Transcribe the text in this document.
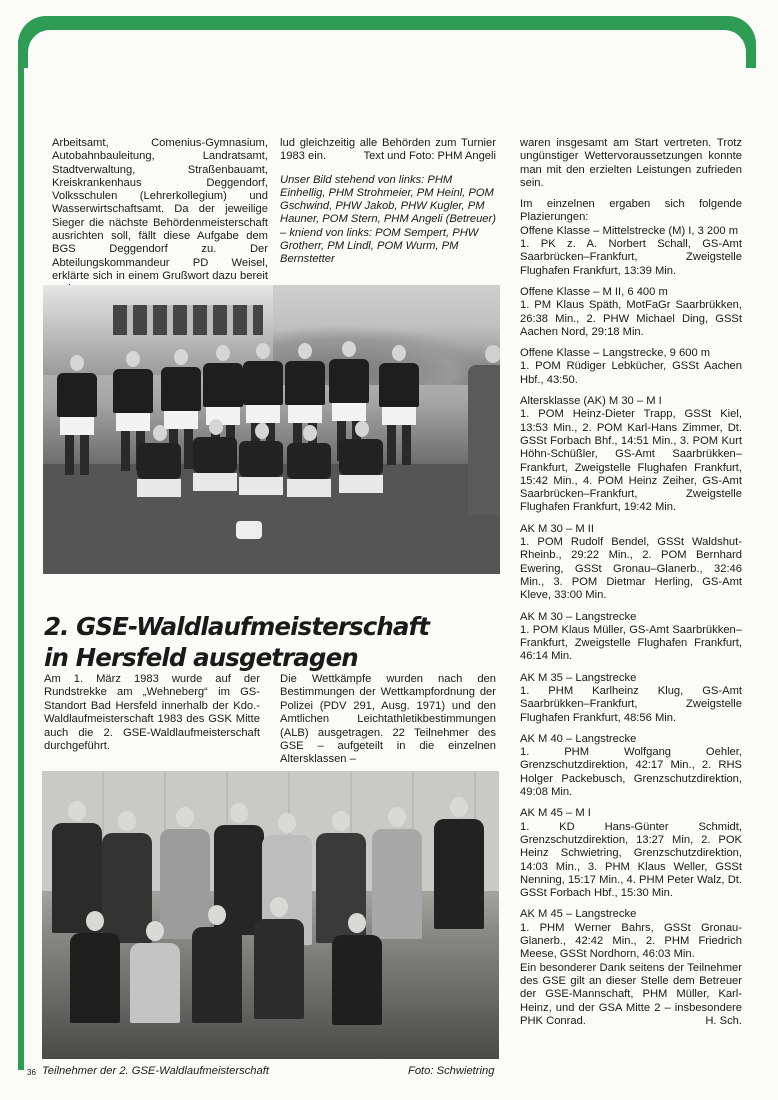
Arbeitsamt, Comenius-Gymnasium, Autobahnbauleitung, Landratsamt, Stadtverwaltung, Straßenbauamt, Kreiskrankenhaus Deggendorf, Volksschulen (Lehrerkollegium) und Wasserwirtschaftsamt. Da der jeweilige Sieger die nächste Behördenmeisterschaft ausrichten soll, fällt diese Aufgabe dem BGS Deggendorf zu. Der Abteilungskommandeur PD Weisel, erklärte sich in einem Grußwort dazu bereit

lud gleichzeitig alle Behörden zum Turnier 1983 ein.	Text und Foto: PHM Angeli

Unser Bild stehend von links: PHM Einhellig, PHM Strohmeier, PM Heinl, POM Gschwind, PHW Jakob, PHW Kugler, PM Hauner, POM Stern, PHM Angeli (Betreuer) – kniend von links: POM Sempert, PHW Grotherr, PM Lindl, POM Wurm, PM Bernstetter

2. GSE-Waldlaufmeisterschaft
in Hersfeld ausgetragen

Am 1. März 1983 wurde auf der Rundstrekke am „Wehneberg“ im GS-Standort Bad Hersfeld innerhalb der Kdo.-Waldlaufmeisterschaft 1983 des GSK Mitte auch die 2. GSE-Waldlaufmeisterschaft durchgeführt.

Die Wettkämpfe wurden nach den Bestimmungen der Wettkampfordnung der Polizei (PDV 291, Ausg. 1971) und den Amtlichen Leichtathletikbestimmungen (ALB) ausgetragen. 22 Teilnehmer des GSE – aufgeteilt in die einzelnen Altersklassen –

waren insgesamt am Start vertreten. Trotz ungünstiger Wettervoraussetzungen konnte man mit den erzielten Leistungen zufrieden sein.

Im einzelnen ergaben sich folgende Plazierungen:

Offene Klasse – Mittelstrecke (M) I, 3 200 m
1. PK z. A. Norbert Schall, GS-Amt Saarbrücken–Frankfurt, Zweigstelle Flughafen Frankfurt, 13:39 Min.
Offene Klasse – M II, 6 400 m
1. PM Klaus Späth, MotFaGr Saarbrükken, 26:38 Min., 2. PHW Michael Ding, GSSt Aachen Nord, 29:18 Min.
Offene Klasse – Langstrecke, 9 600 m
1. POM Rüdiger Lebkücher, GSSt Aachen Hbf., 43:50.
Altersklasse (AK) M 30 – M I
1. POM Heinz-Dieter Trapp, GSSt Kiel, 13:53 Min., 2. POM Karl-Hans Zimmer, Dt. GSSt Forbach Bhf., 14:51 Min., 3. POM Kurt Höhn-Schüßler, GS-Amt Saarbrükken–Frankfurt, Zweigstelle Flughafen Frankfurt, 15:42 Min., 4. POM Heinz Zeiher, GS-Amt Saarbrücken–Frankfurt, Zweigstelle Flughafen Frankfurt, 19:42 Min.
AK M 30 – M II
1. POM Rudolf Bendel, GSSt Waldshut-Rheinb., 29:22 Min., 2. POM Bernhard Ewering, GSSt Gronau–Glanerb., 32:46 Min., 3. POM Dietmar Herling, GS-Amt Kleve, 33:00 Min.
AK M 30 – Langstrecke
1. POM Klaus Müller, GS-Amt Saarbrükken–Frankfurt, Zweigstelle Flughafen Frankfurt, 46:14 Min.
AK M 35 – Langstrecke
1. PHM Karlheinz Klug, GS-Amt Saarbrükken–Frankfurt, Zweigstelle Flughafen Frankfurt, 48:56 Min.
AK M 40 – Langstrecke
1. PHM Wolfgang Oehler, Grenzschutzdirektion, 42:17 Min., 2. RHS Holger Packebusch, Grenzschutzdirektion, 49:08 Min.
AK M 45 – M I
1. KD Hans-Günter Schmidt, Grenzschutzdirektion, 13:27 Min, 2. POK Heinz Schwietring, Grenzschutzdirektion, 14:03 Min., 3. PHM Klaus Weller, GSSt Nenning, 15:17 Min., 4. PHM Peter Walz, Dt. GSSt Forbach Hbf., 15:30 Min.
AK M 45 – Langstrecke
1. PHM Werner Bahrs, GSSt Gronau-Glanerb., 42:42 Min., 2. PHM Friedrich Meese, GSSt Nordhorn, 46:03 Min.

Ein besonderer Dank seitens der Teilnehmer des GSE gilt an dieser Stelle dem Betreuer der GSE-Mannschaft, PHM Müller, Karl-Heinz, und der GSA Mitte 2 – insbesondere PHK Conrad.	H. Sch.

36 Teilnehmer der 2. GSE-Waldlaufmeisterschaft	Foto: Schwietring
